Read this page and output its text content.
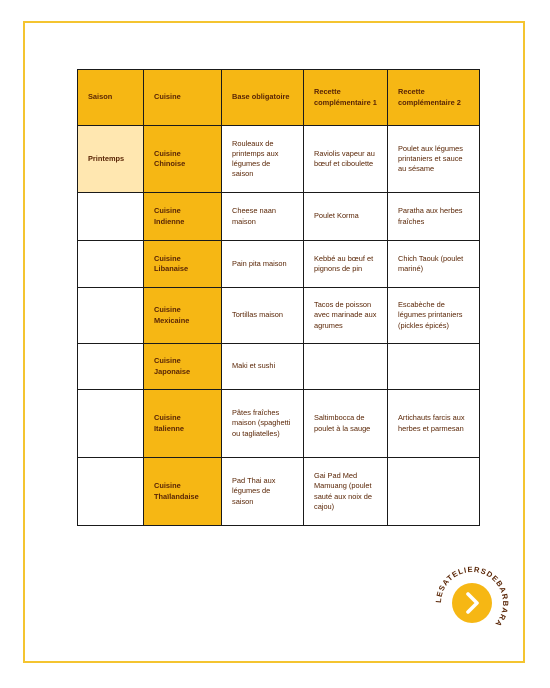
Saison	Cuisine	Base obligatoire	Recette complémentaire 1	Recette complémentaire 2
Printemps	Cuisine Chinoise	Rouleaux de printemps aux légumes de saison	Raviolis vapeur au bœuf et ciboulette	Poulet aux légumes printaniers et sauce au sésame
	Cuisine Indienne	Cheese naan maison	Poulet Korma	Paratha aux herbes fraîches
	Cuisine Libanaise	Pain pita maison	Kebbé au bœuf et pignons de pin	Chich Taouk (poulet mariné)
	Cuisine Mexicaine	Tortillas maison	Tacos de poisson avec marinade aux agrumes	Escabèche de légumes printaniers (pickles épicés)
	Cuisine Japonaise	Maki et sushi		
	Cuisine Italienne	Pâtes fraîches maison (spaghetti ou tagliatelles)	Saltimbocca de poulet à la sauge	Artichauts farcis aux herbes et parmesan
	Cuisine Thaïlandaise	Pad Thai aux légumes de saison	Gai Pad Med Mamuang (poulet sauté aux noix de cajou)	
LESATELIERSDEBARBARA
